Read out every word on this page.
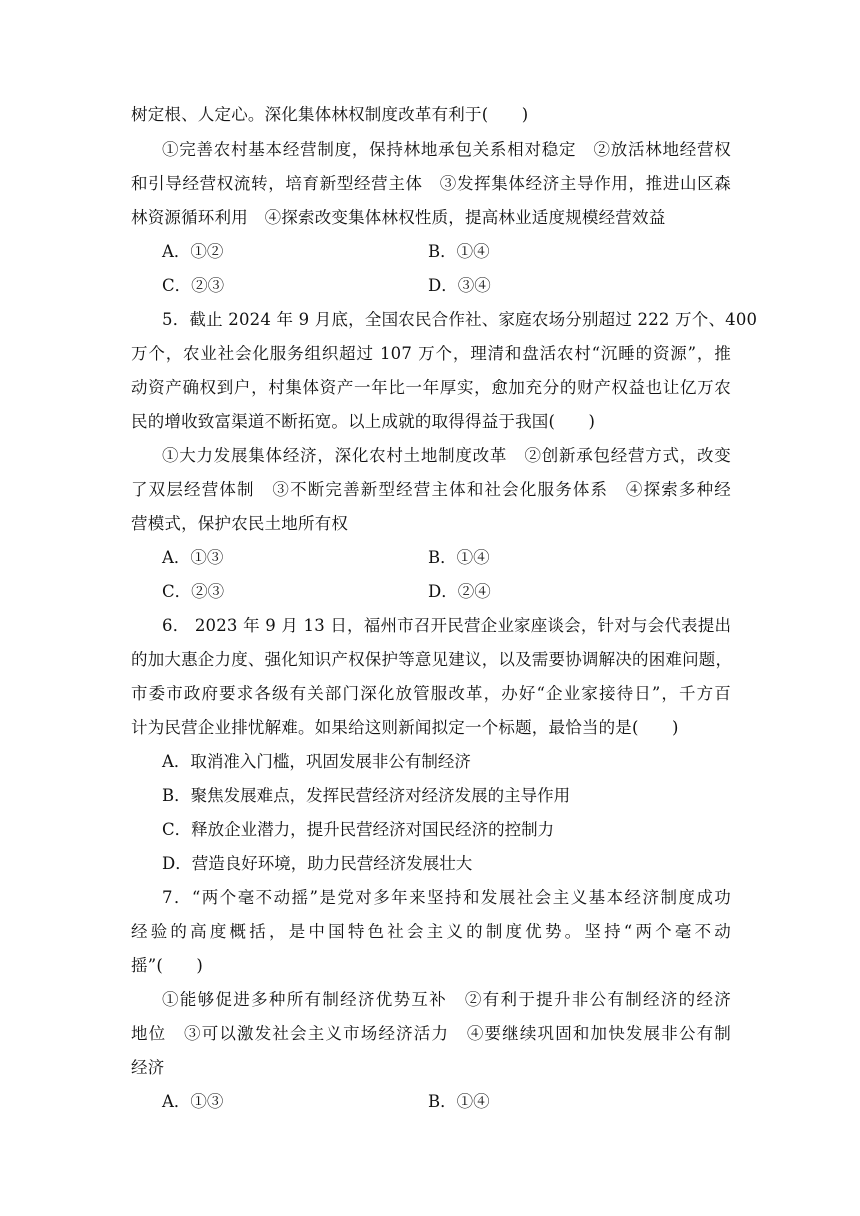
树定根、人定心。深化集体林权制度改革有利于(　　)
①完善农村基本经营制度，保持林地承包关系相对稳定　②放活林地经营权
和引导经营权流转，培育新型经营主体　③发挥集体经济主导作用，推进山区森
林资源循环利用　④探索改变集体林权性质，提高林业适度规模经营效益
A．①②	B．①④
C．②③	D．③④
5．截止 2024 年 9 月底，全国农民合作社、家庭农场分别超过 222 万个、400
万个，农业社会化服务组织超过 107 万个，理清和盘活农村“沉睡的资源”，推
动资产确权到户，村集体资产一年比一年厚实，愈加充分的财产权益也让亿万农
民的增收致富渠道不断拓宽。以上成就的取得得益于我国(　　)
①大力发展集体经济，深化农村土地制度改革　②创新承包经营方式，改变
了双层经营体制　③不断完善新型经营主体和社会化服务体系　④探索多种经
营模式，保护农民土地所有权
A．①③	B．①④
C．②③	D．②④
6． 2023 年 9 月 13 日，福州市召开民营企业家座谈会，针对与会代表提出
的加大惠企力度、强化知识产权保护等意见建议，以及需要协调解决的困难问题，
市委市政府要求各级有关部门深化放管服改革，办好“企业家接待日”，千方百
计为民营企业排忧解难。如果给这则新闻拟定一个标题，最恰当的是(　　)
A．取消准入门槛，巩固发展非公有制经济
B．聚焦发展难点，发挥民营经济对经济发展的主导作用
C．释放企业潜力，提升民营经济对国民经济的控制力
D．营造良好环境，助力民营经济发展壮大
7．“两个毫不动摇”是党对多年来坚持和发展社会主义基本经济制度成功
经验的高度概括，是中国特色社会主义的制度优势。坚持“两个毫不动
摇”(　　)
①能够促进多种所有制经济优势互补　②有利于提升非公有制经济的经济
地位　③可以激发社会主义市场经济活力　④要继续巩固和加快发展非公有制
经济
A．①③	B．①④
